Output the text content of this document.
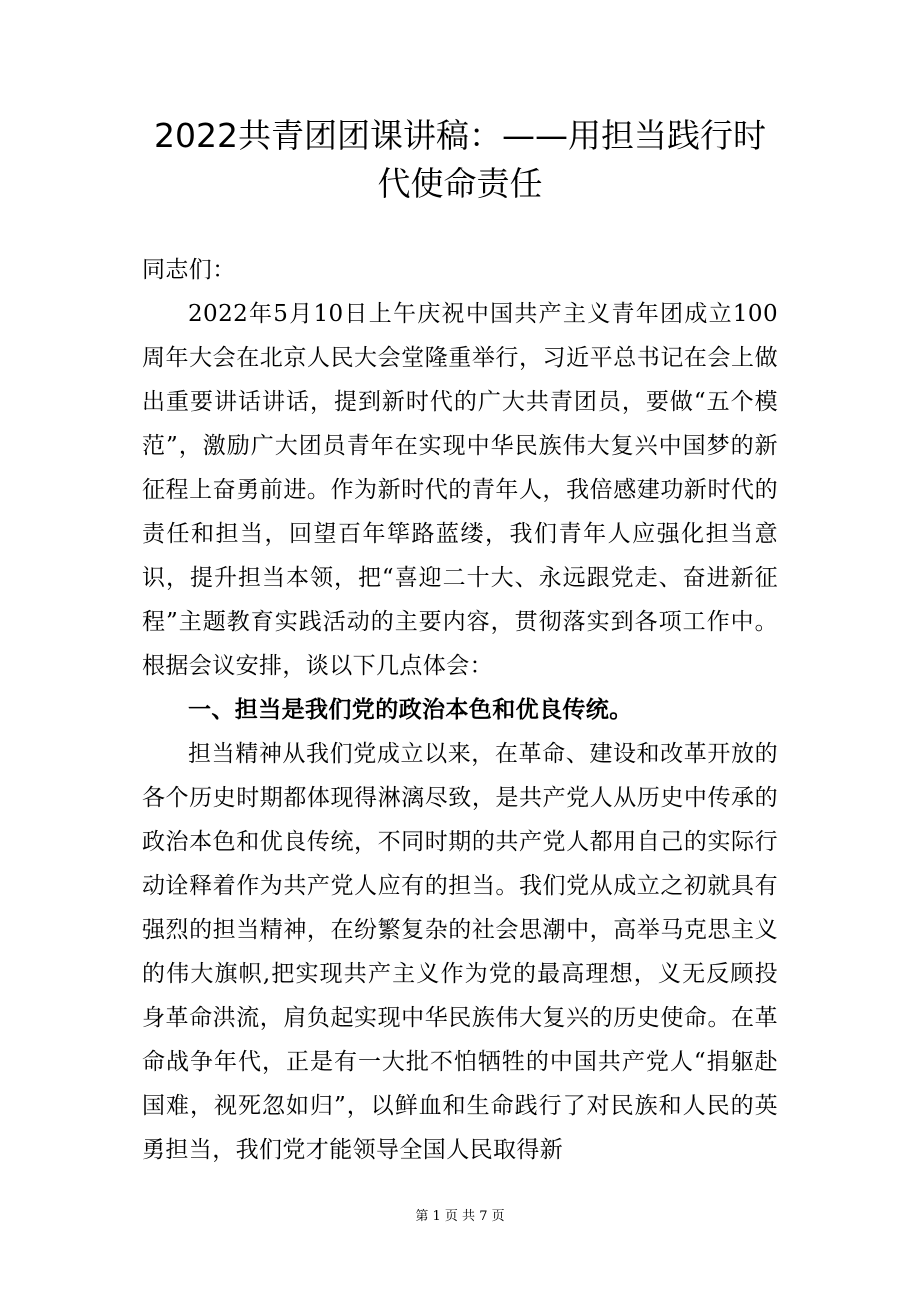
2022共青团团课讲稿：——用担当践行时
代使命责任

同志们：

2022年5月10日上午庆祝中国共产主义青年团成立100周年大会在北京人民大会堂隆重举行，习近平总书记在会上做出重要讲话讲话，提到新时代的广大共青团员，要做“五个模范”，激励广大团员青年在实现中华民族伟大复兴中国梦的新征程上奋勇前进。作为新时代的青年人，我倍感建功新时代的责任和担当，回望百年筚路蓝缕，我们青年人应强化担当意识，提升担当本领，把“喜迎二十大、永远跟党走、奋进新征程”主题教育实践活动的主要内容，贯彻落实到各项工作中。根据会议安排，谈以下几点体会：

一、担当是我们党的政治本色和优良传统。

担当精神从我们党成立以来，在革命、建设和改革开放的各个历史时期都体现得淋漓尽致，是共产党人从历史中传承的政治本色和优良传统，不同时期的共产党人都用自己的实际行动诠释着作为共产党人应有的担当。我们党从成立之初就具有强烈的担当精神，在纷繁复杂的社会思潮中，高举马克思主义的伟大旗帜,把实现共产主义作为党的最高理想，义无反顾投身革命洪流，肩负起实现中华民族伟大复兴的历史使命。在革命战争年代，正是有一大批不怕牺牲的中国共产党人“捐躯赴国难，视死忽如归”，以鲜血和生命践行了对民族和人民的英勇担当，我们党才能领导全国人民取得新

第 1 页 共 7 页
